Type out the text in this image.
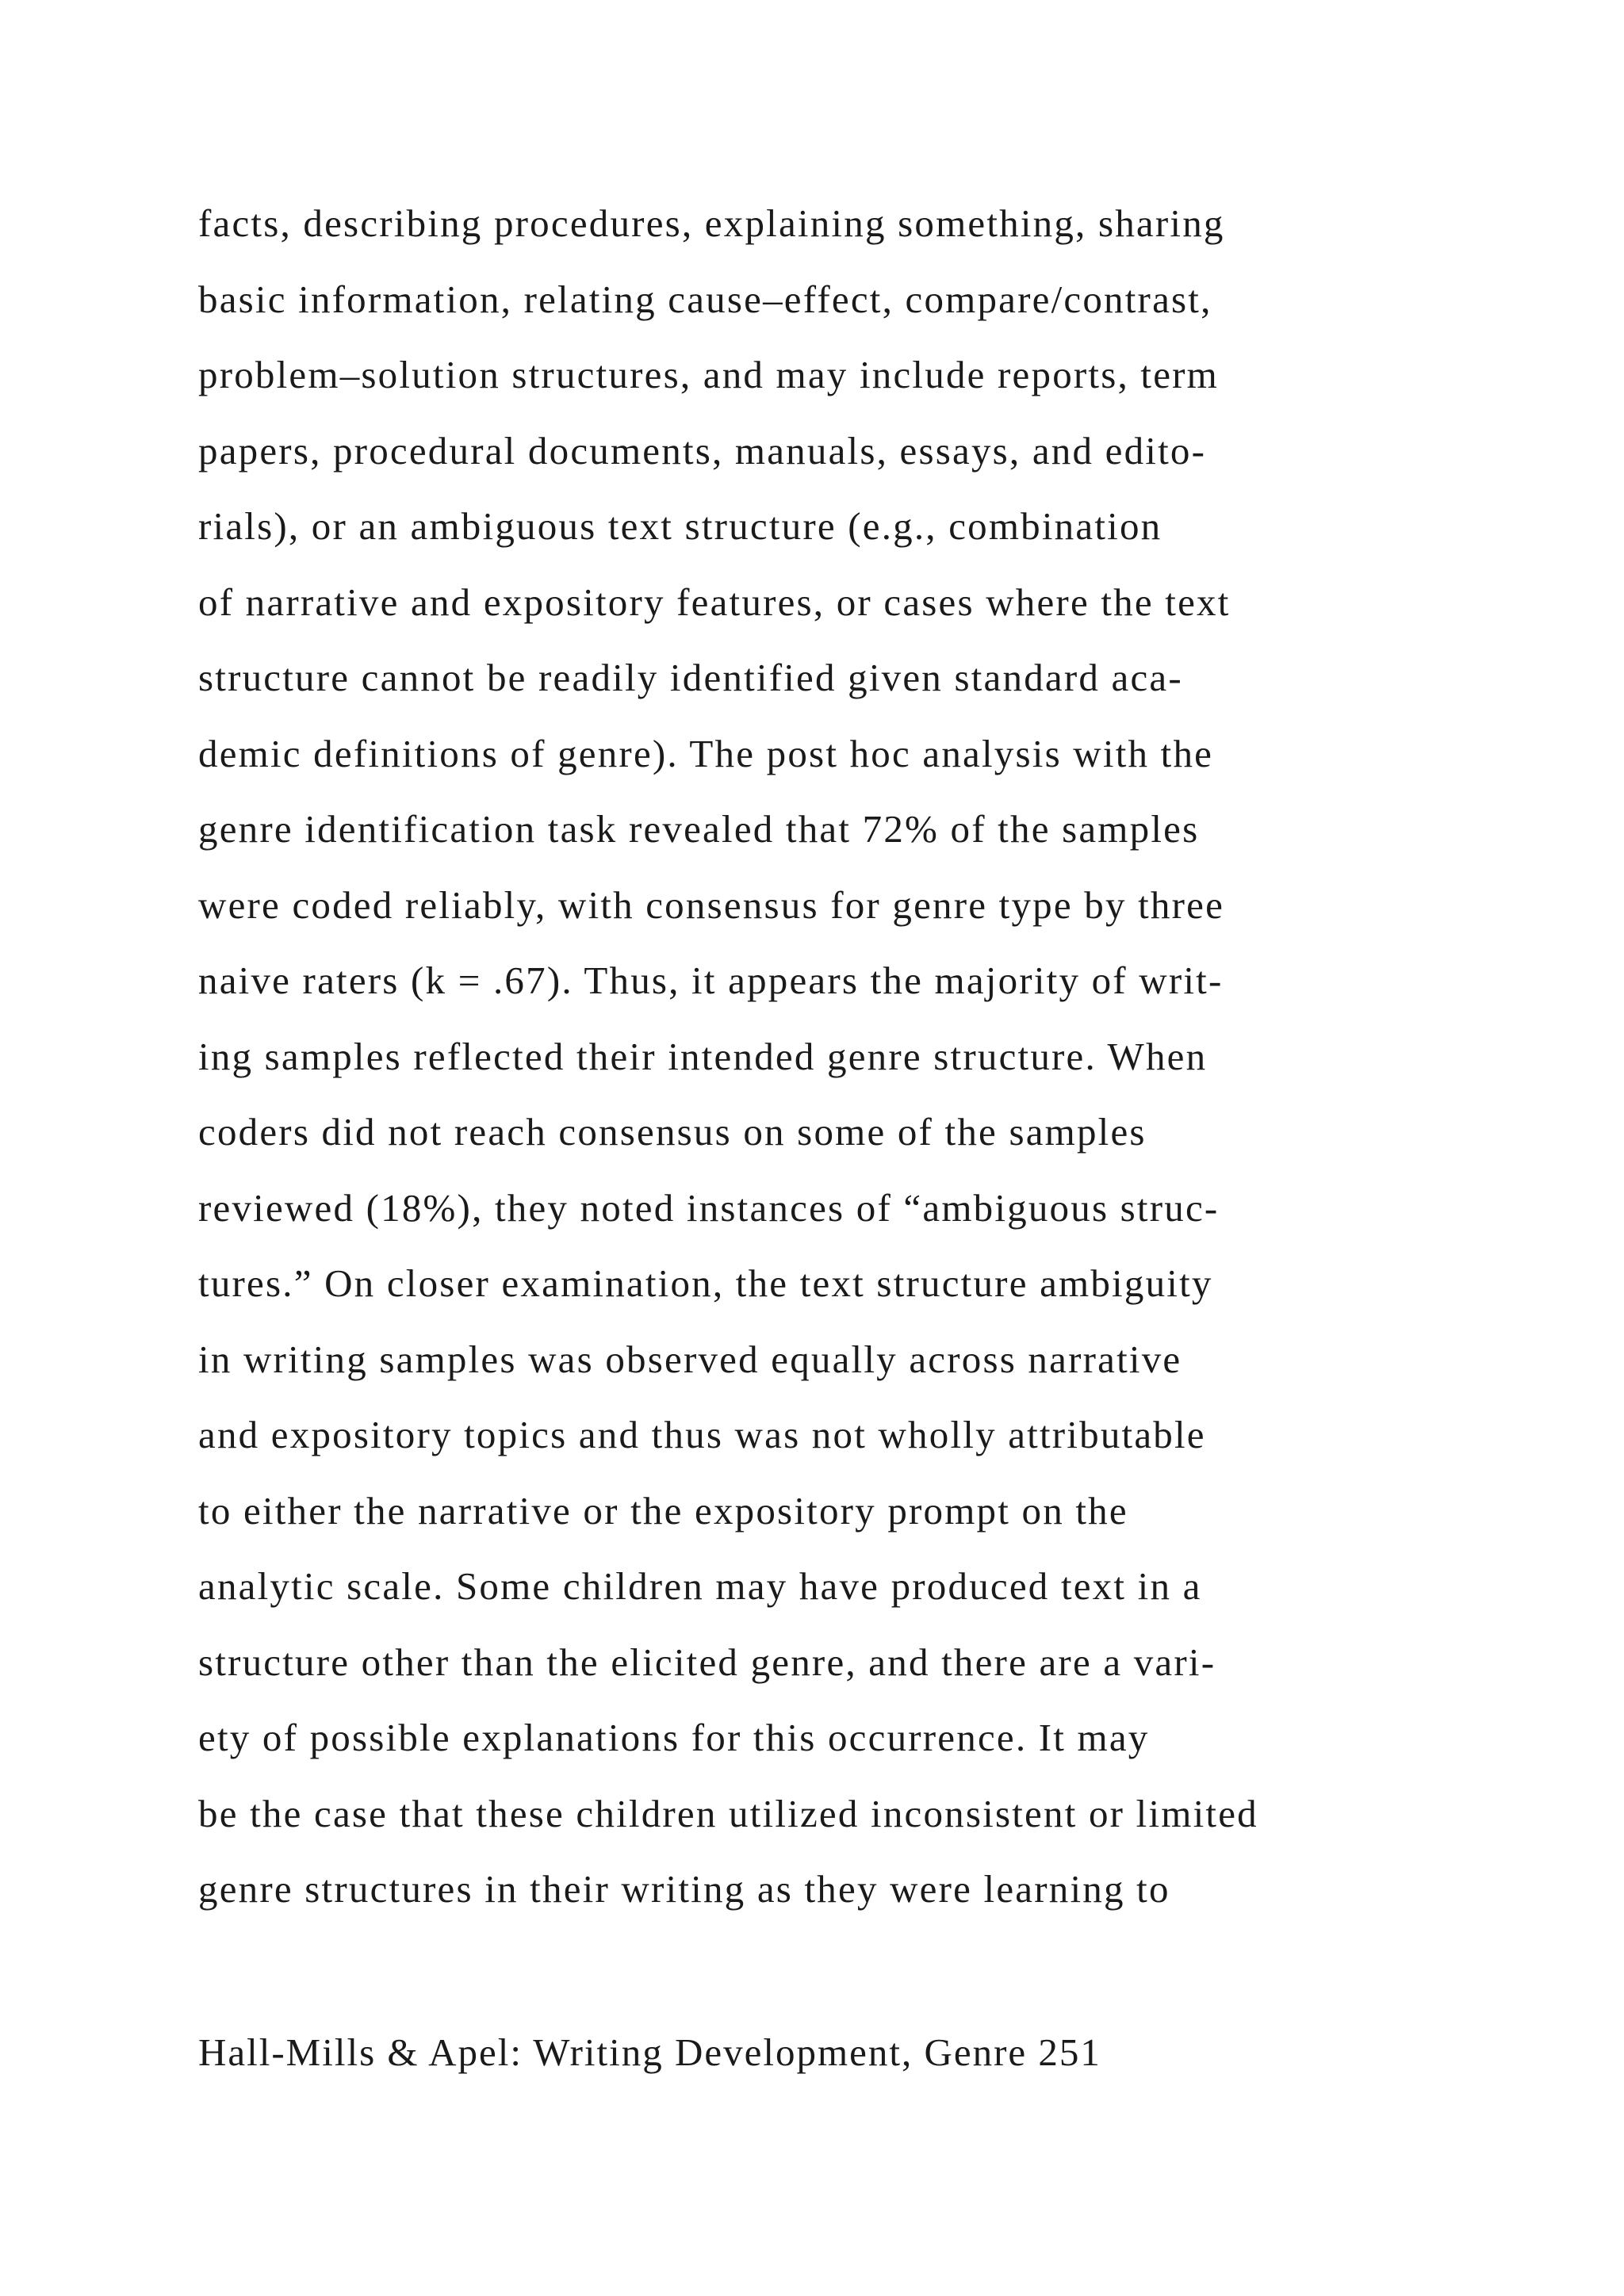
facts, describing procedures, explaining something, sharing
basic information, relating cause–effect, compare/contrast,
problem–solution structures, and may include reports, term
papers, procedural documents, manuals, essays, and edito-
rials), or an ambiguous text structure (e.g., combination
of narrative and expository features, or cases where the text
structure cannot be readily identified given standard aca-
demic definitions of genre). The post hoc analysis with the
genre identification task revealed that 72% of the samples
were coded reliably, with consensus for genre type by three
naive raters (k = .67). Thus, it appears the majority of writ-
ing samples reflected their intended genre structure. When
coders did not reach consensus on some of the samples
reviewed (18%), they noted instances of “ambiguous struc-
tures.” On closer examination, the text structure ambiguity
in writing samples was observed equally across narrative
and expository topics and thus was not wholly attributable
to either the narrative or the expository prompt on the
analytic scale. Some children may have produced text in a
structure other than the elicited genre, and there are a vari-
ety of possible explanations for this occurrence. It may
be the case that these children utilized inconsistent or limited
genre structures in their writing as they were learning to
Hall-Mills & Apel: Writing Development, Genre 251
